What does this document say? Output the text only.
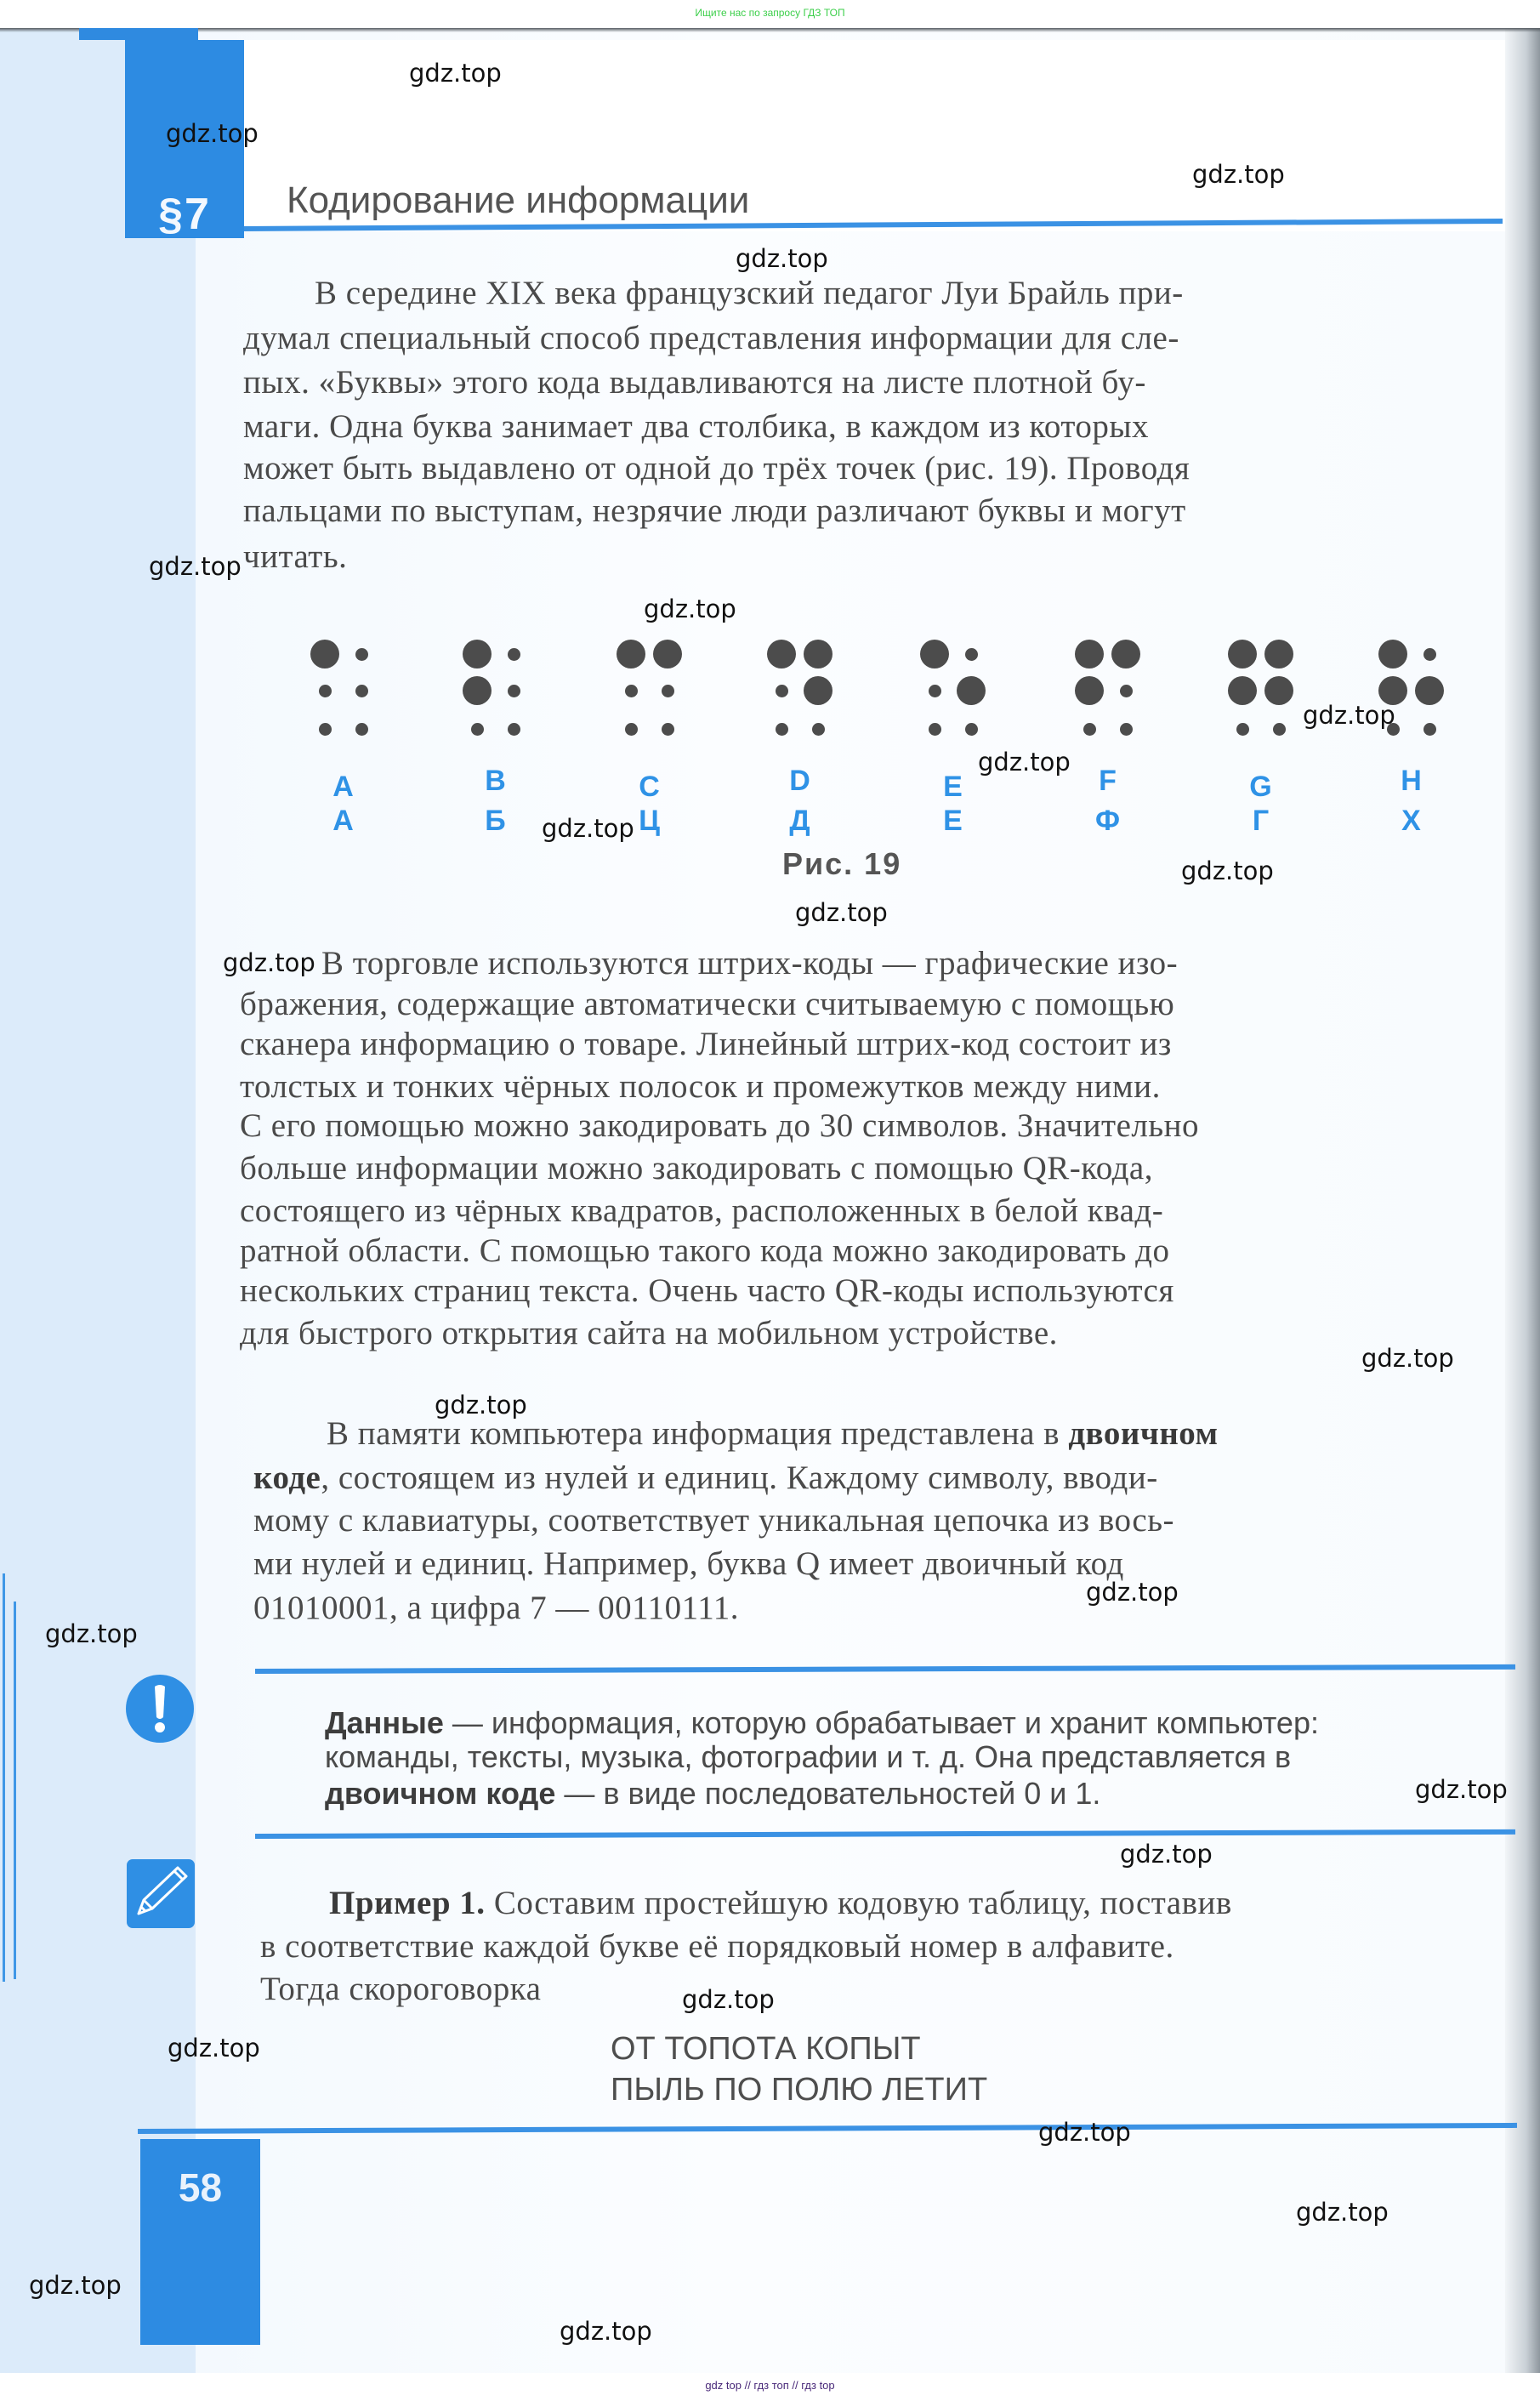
Ищите нас по запросу ГДЗ ТОП
§7	Кодирование информации
В середине XIX века французский педагог Луи Брайль при-
думал специальный способ представления информации для сле-
пых. «Буквы» этого кода выдавливаются на листе плотной бу-
маги. Одна буква занимает два столбика, в каждом из которых
может быть выдавлено от одной до трёх точек (рис. 19). Проводя
пальцами по выступам, незрячие люди различают буквы и могут
читать.
A
А
B
Б
C
Ц
D
Д
E
Е
F
Ф
G
Г
H
Х
Рис. 19
В торговле используются штрих-коды — графические изо-
бражения, содержащие автоматически считываемую с помощью
сканера информацию о товаре. Линейный штрих-код состоит из
толстых и тонких чёрных полосок и промежутков между ними.
С его помощью можно закодировать до 30 символов. Значительно
больше информации можно закодировать с помощью QR-кода,
состоящего из чёрных квадратов, расположенных в белой квад-
ратной области. С помощью такого кода можно закодировать до
нескольких страниц текста. Очень часто QR-коды используются
для быстрого открытия сайта на мобильном устройстве.
В памяти компьютера информация представлена в двоичном
коде, состоящем из нулей и единиц. Каждому символу, вводи-
мому с клавиатуры, соответствует уникальная цепочка из вось-
ми нулей и единиц. Например, буква Q имеет двоичный код
01010001, а цифра 7 — 00110111.
Данные — информация, которую обрабатывает и хранит компьютер:
команды, тексты, музыка, фотографии и т. д. Она представляется в
двоичном коде — в виде последовательностей 0 и 1.
Пример 1. Составим простейшую кодовую таблицу, поставив
в соответствие каждой букве её порядковый номер в алфавите.
Тогда скороговорка
ОТ ТОПОТА КОПЫТ
ПЫЛЬ ПО ПОЛЮ ЛЕТИТ
58
gdz top // гдз топ // гдз top
gdz.top
gdz.top
gdz.top
gdz.top
gdz.top
gdz.top
gdz.top
gdz.top
gdz.top
gdz.top
gdz.top
gdz.top
gdz.top
gdz.top
gdz.top
gdz.top
gdz.top
gdz.top
gdz.top
gdz.top
gdz.top
gdz.top
gdz.top
gdz.top
